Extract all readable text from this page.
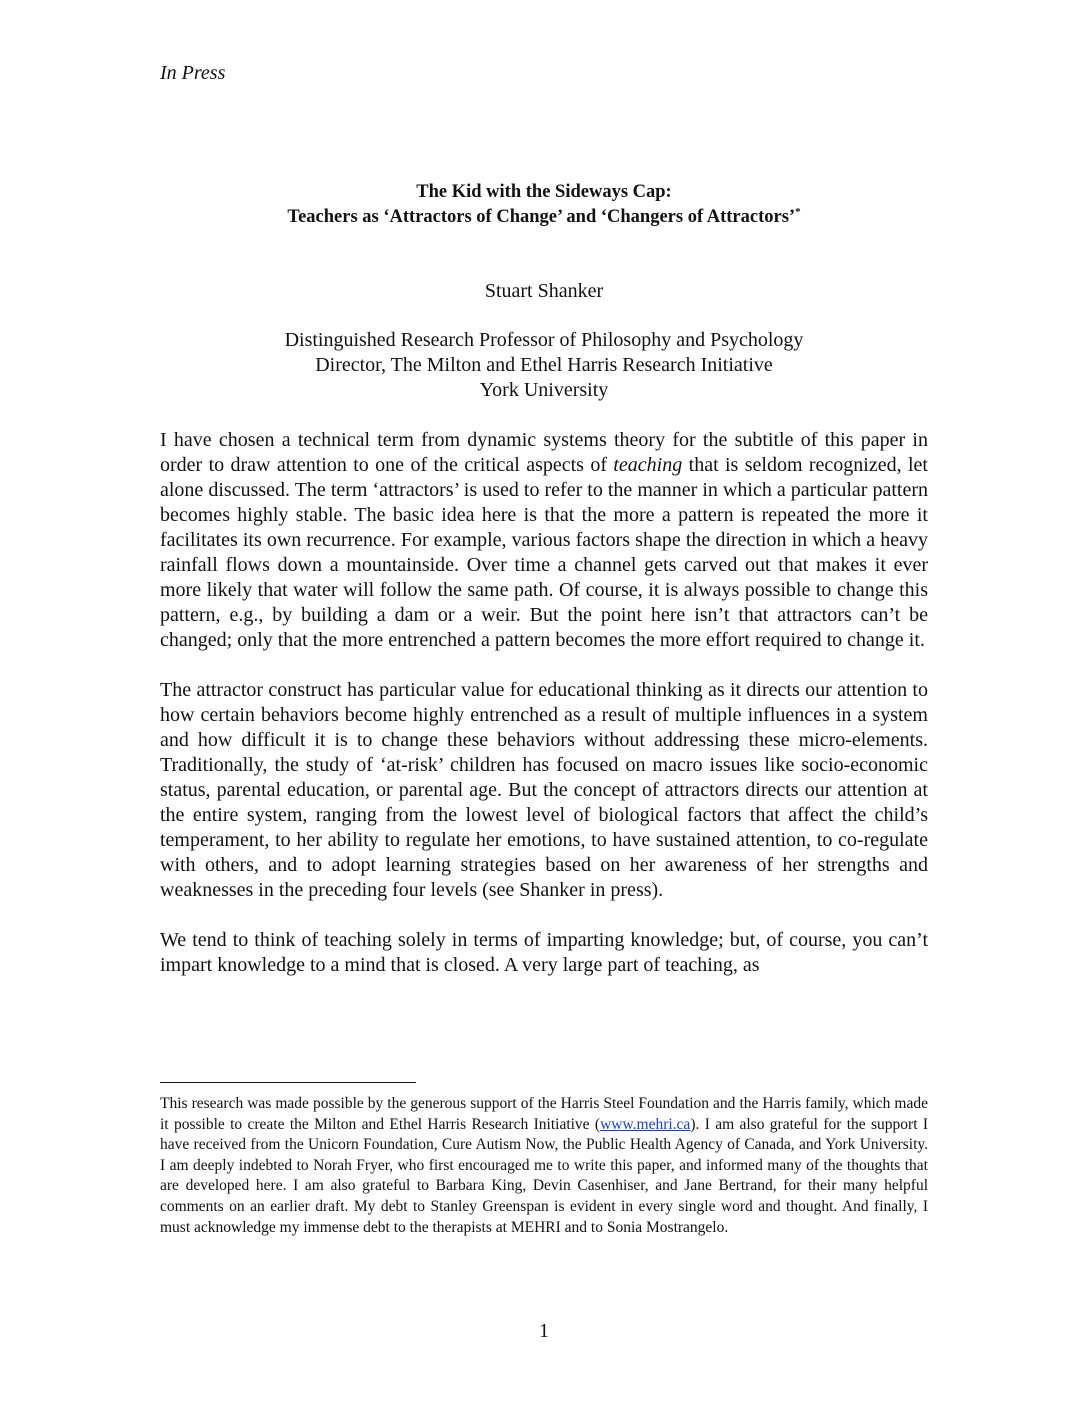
In Press
The Kid with the Sideways Cap:
Teachers as ‘Attractors of Change’ and ‘Changers of Attractors’*
Stuart Shanker
Distinguished Research Professor of Philosophy and Psychology
Director, The Milton and Ethel Harris Research Initiative
York University

I have chosen a technical term from dynamic systems theory for the subtitle of this paper in order to draw attention to one of the critical aspects of teaching that is seldom recognized, let alone discussed. The term ‘attractors’ is used to refer to the manner in which a particular pattern becomes highly stable. The basic idea here is that the more a pattern is repeated the more it facilitates its own recurrence. For example, various factors shape the direction in which a heavy rainfall flows down a mountainside. Over time a channel gets carved out that makes it ever more likely that water will follow the same path. Of course, it is always possible to change this pattern, e.g., by building a dam or a weir. But the point here isn’t that attractors can’t be changed; only that the more entrenched a pattern becomes the more effort required to change it.

The attractor construct has particular value for educational thinking as it directs our attention to how certain behaviors become highly entrenched as a result of multiple influences in a system and how difficult it is to change these behaviors without addressing these micro-elements. Traditionally, the study of ‘at-risk’ children has focused on macro issues like socio-economic status, parental education, or parental age. But the concept of attractors directs our attention at the entire system, ranging from the lowest level of biological factors that affect the child’s temperament, to her ability to regulate her emotions, to have sustained attention, to co-regulate with others, and to adopt learning strategies based on her awareness of her strengths and weaknesses in the preceding four levels (see Shanker in press).

We tend to think of teaching solely in terms of imparting knowledge; but, of course, you can’t impart knowledge to a mind that is closed. A very large part of teaching, as

This research was made possible by the generous support of the Harris Steel Foundation and the Harris family, which made it possible to create the Milton and Ethel Harris Research Initiative (www.mehri.ca). I am also grateful for the support I have received from the Unicorn Foundation, Cure Autism Now, the Public Health Agency of Canada, and York University. I am deeply indebted to Norah Fryer, who first encouraged me to write this paper, and informed many of the thoughts that are developed here. I am also grateful to Barbara King, Devin Casenhiser, and Jane Bertrand, for their many helpful comments on an earlier draft. My debt to Stanley Greenspan is evident in every single word and thought. And finally, I must acknowledge my immense debt to the therapists at MEHRI and to Sonia Mostrangelo.
1
